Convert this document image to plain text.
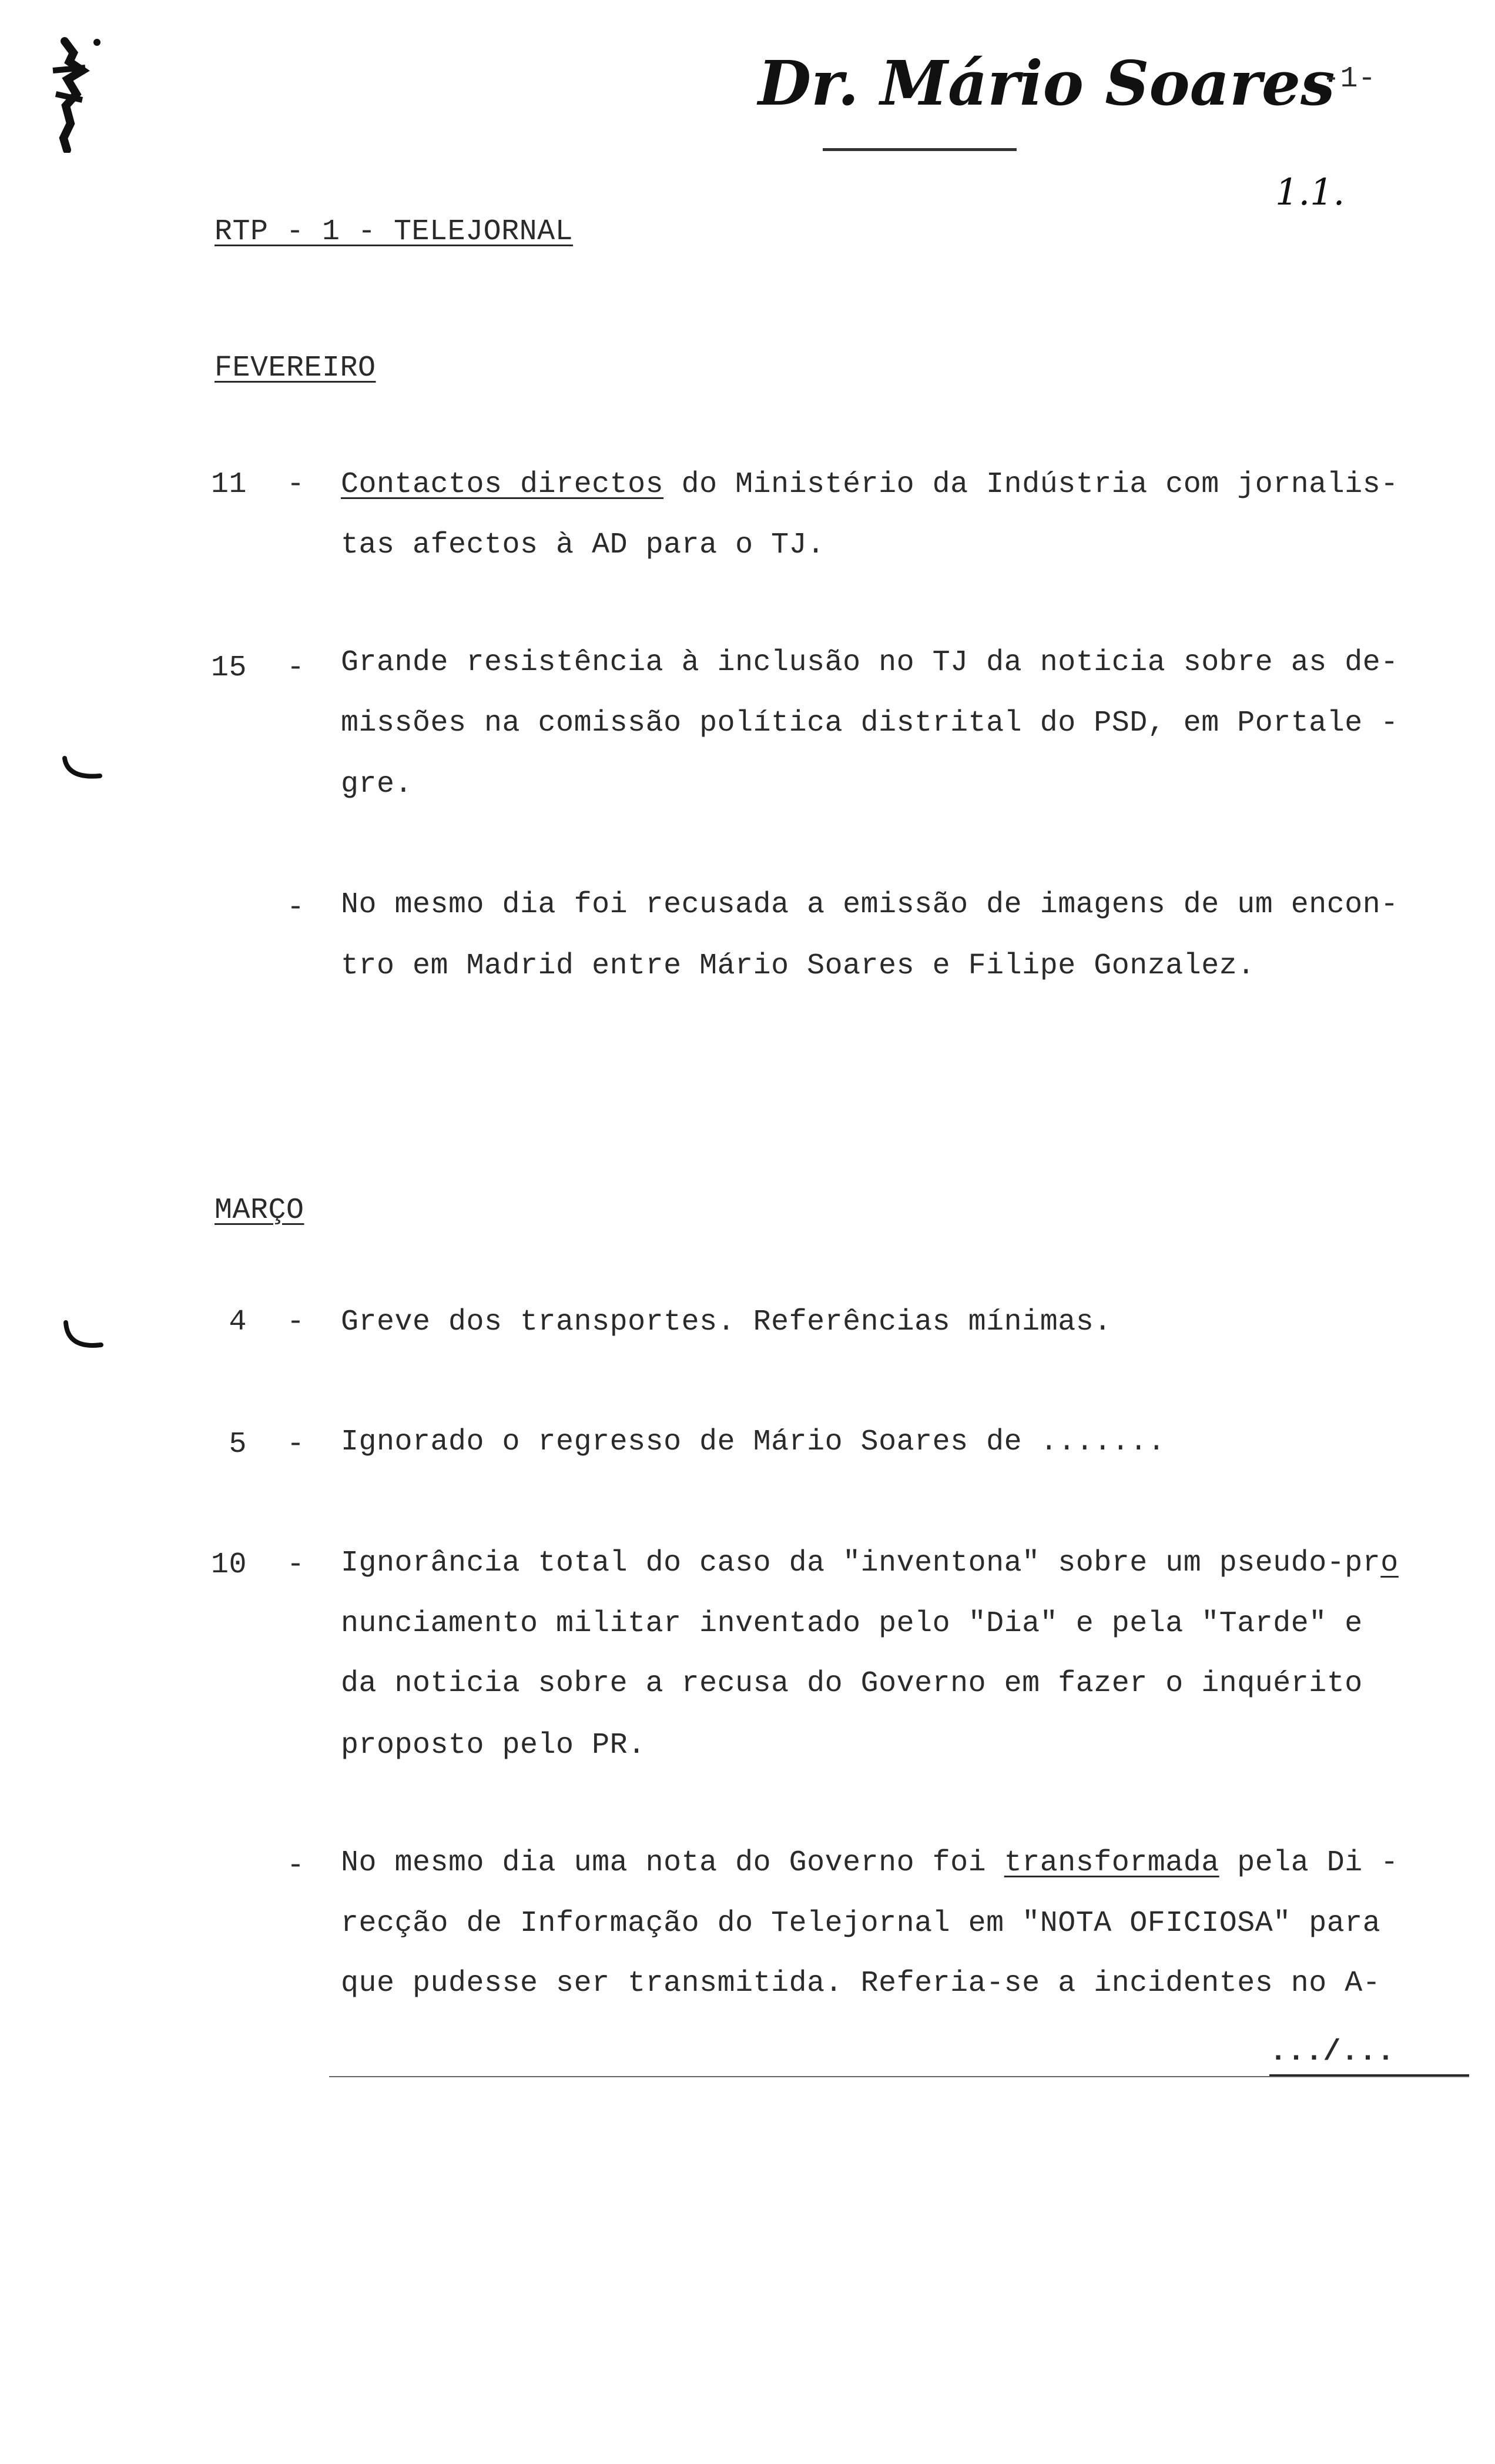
Dr. Mário Soares
-1-
1.1.
RTP - 1 - TELEJORNAL
FEVEREIRO
11 - Contactos directos do Ministério da Indústria com jornalis-
tas afectos à AD para o TJ.
15 - Grande resistência à inclusão no TJ da noticia sobre as de-
missões na comissão política distrital do PSD, em Portale -
gre.
- No mesmo dia foi recusada a emissão de imagens de um encon-
tro em Madrid entre Mário Soares e Filipe Gonzalez.
MARÇO
4 - Greve dos transportes. Referências mínimas.
5 - Ignorado o regresso de Mário Soares de .......
10 - Ignorância total do caso da "inventona" sobre um pseudo-pro
nunciamento militar inventado pelo "Dia" e pela "Tarde" e
da noticia sobre a recusa do Governo em fazer o inquérito
proposto pelo PR.
- No mesmo dia uma nota do Governo foi transformada pela Di -
recção de Informação do Telejornal em "NOTA OFICIOSA" para
que pudesse ser transmitida. Referia-se a incidentes no A-
.../...
